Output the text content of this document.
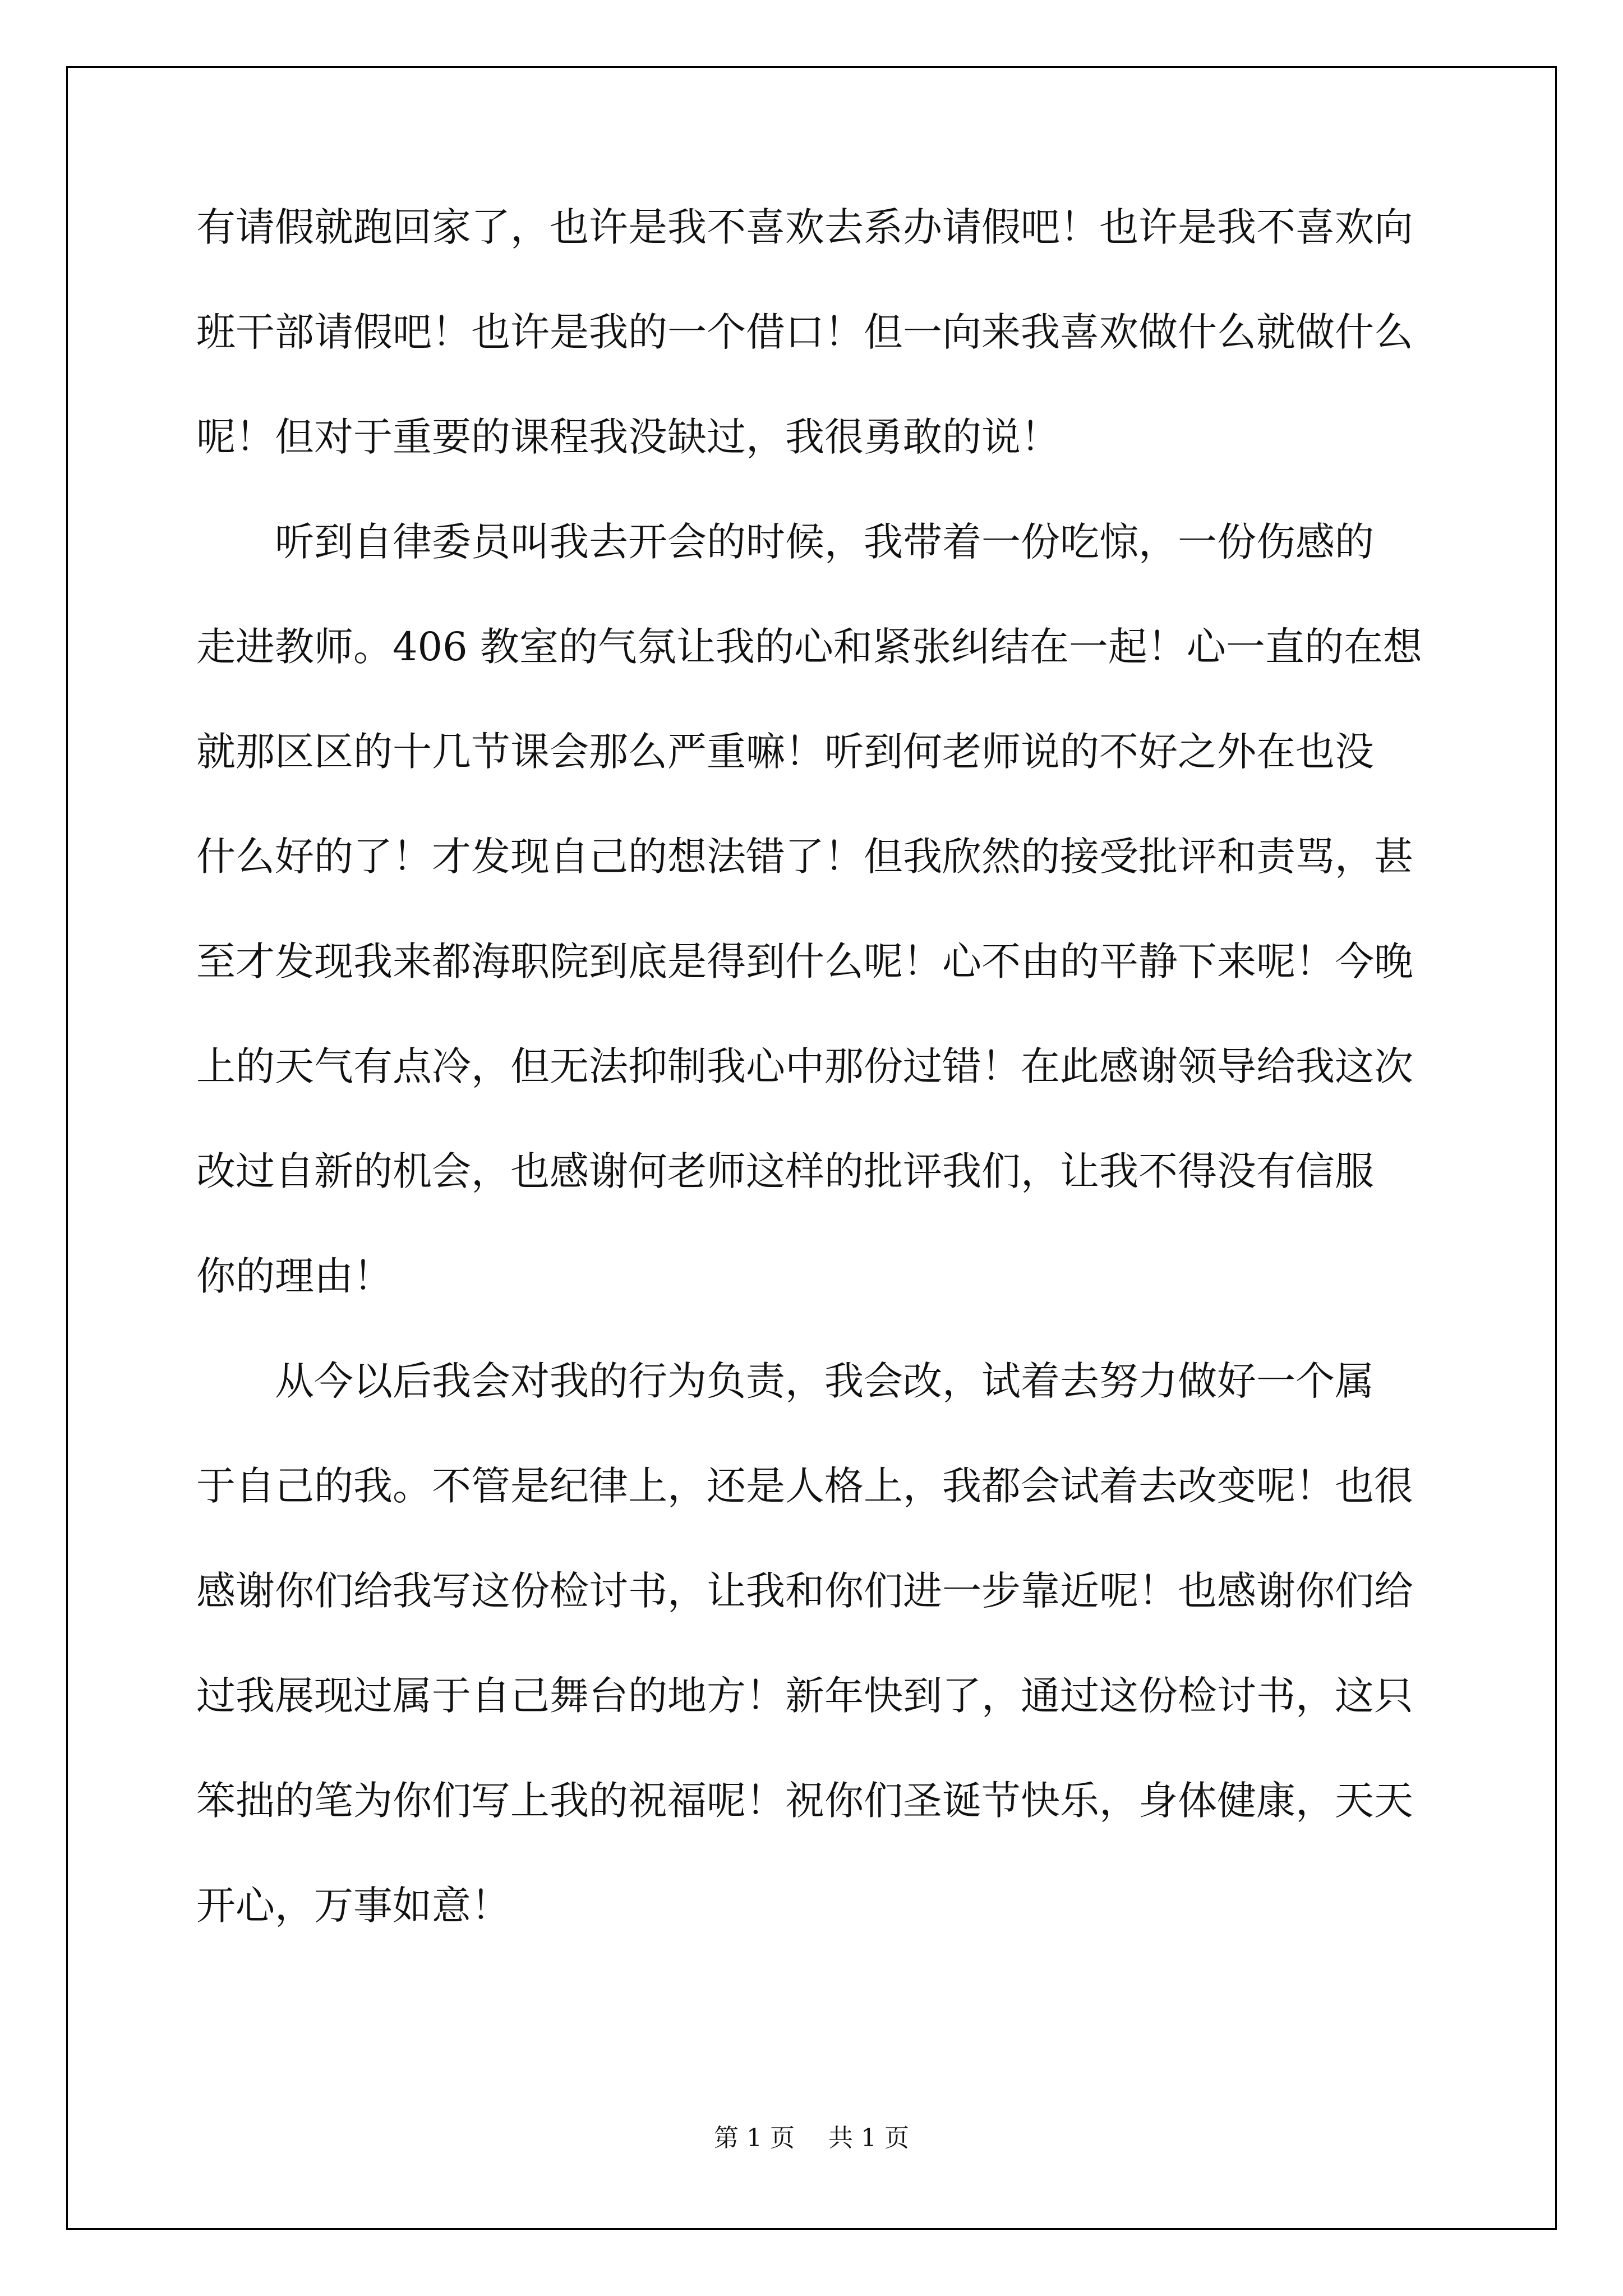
有请假就跑回家了，也许是我不喜欢去系办请假吧！也许是我不喜欢向
班干部请假吧！也许是我的一个借口！但一向来我喜欢做什么就做什么
呢！但对于重要的课程我没缺过，我很勇敢的说！
听到自律委员叫我去开会的时候，我带着一份吃惊，一份伤感的
走进教师。406 教室的气氛让我的心和紧张纠结在一起！心一直的在想
就那区区的十几节课会那么严重嘛！听到何老师说的不好之外在也没
什么好的了！才发现自己的想法错了！但我欣然的接受批评和责骂，甚
至才发现我来都海职院到底是得到什么呢！心不由的平静下来呢！今晚
上的天气有点冷，但无法抑制我心中那份过错！在此感谢领导给我这次
改过自新的机会，也感谢何老师这样的批评我们，让我不得没有信服
你的理由！
从今以后我会对我的行为负责，我会改，试着去努力做好一个属
于自己的我。不管是纪律上，还是人格上，我都会试着去改变呢！也很
感谢你们给我写这份检讨书，让我和你们进一步靠近呢！也感谢你们给
过我展现过属于自己舞台的地方！新年快到了，通过这份检讨书，这只
笨拙的笔为你们写上我的祝福呢！祝你们圣诞节快乐，身体健康，天天
开心，万事如意！
第 1 页 共 1 页
